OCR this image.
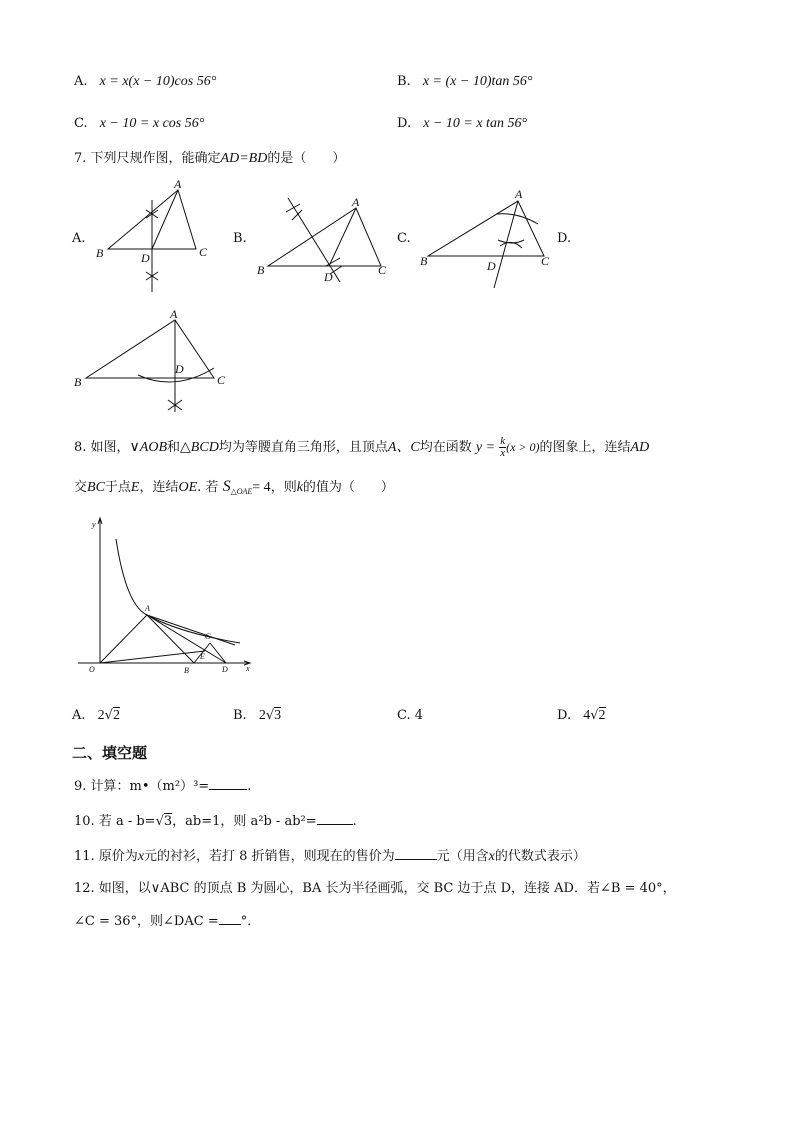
A. x = x(x − 10)cos 56°	B. x = (x − 10)tan 56°
C. x − 10 = x cos 56°	D. x − 10 = x tan 56°
7. 下列尺规作图，能确定AD=BD的是（　　）
A.	B.	C.	D.
A
B	C
D
A
B	C
D
A
B	C
D
A
B	C
D
8. 如图，∨AOB和△BCD均为等腰直角三角形，且顶点A、C均在函数 $y = \frac{k}{x} (x > 0)$的图象上，连结AD
交BC于点E，连结OE. 若 $S_{\triangle OAE}= 4$，则k的值为（　　）
y
x
O
A
B
C
D
E
A. 2√2	B. 2√3	C. 4	D. 4√2
二、填空题
9. 计算：m•（m²）³=	.
10. 若 a - b=√3，ab=1，则 a²b - ab²=	.
11. 原价为x元的衬衫，若打 8 折销售，则现在的售价为	元（用含x的代数式表示）
12. 如图，以∨ABC 的顶点 B 为圆心，BA 长为半径画弧，交 BC 边于点 D，连接 AD．若∠B = 40°，
∠C = 36°，则∠DAC = °．
